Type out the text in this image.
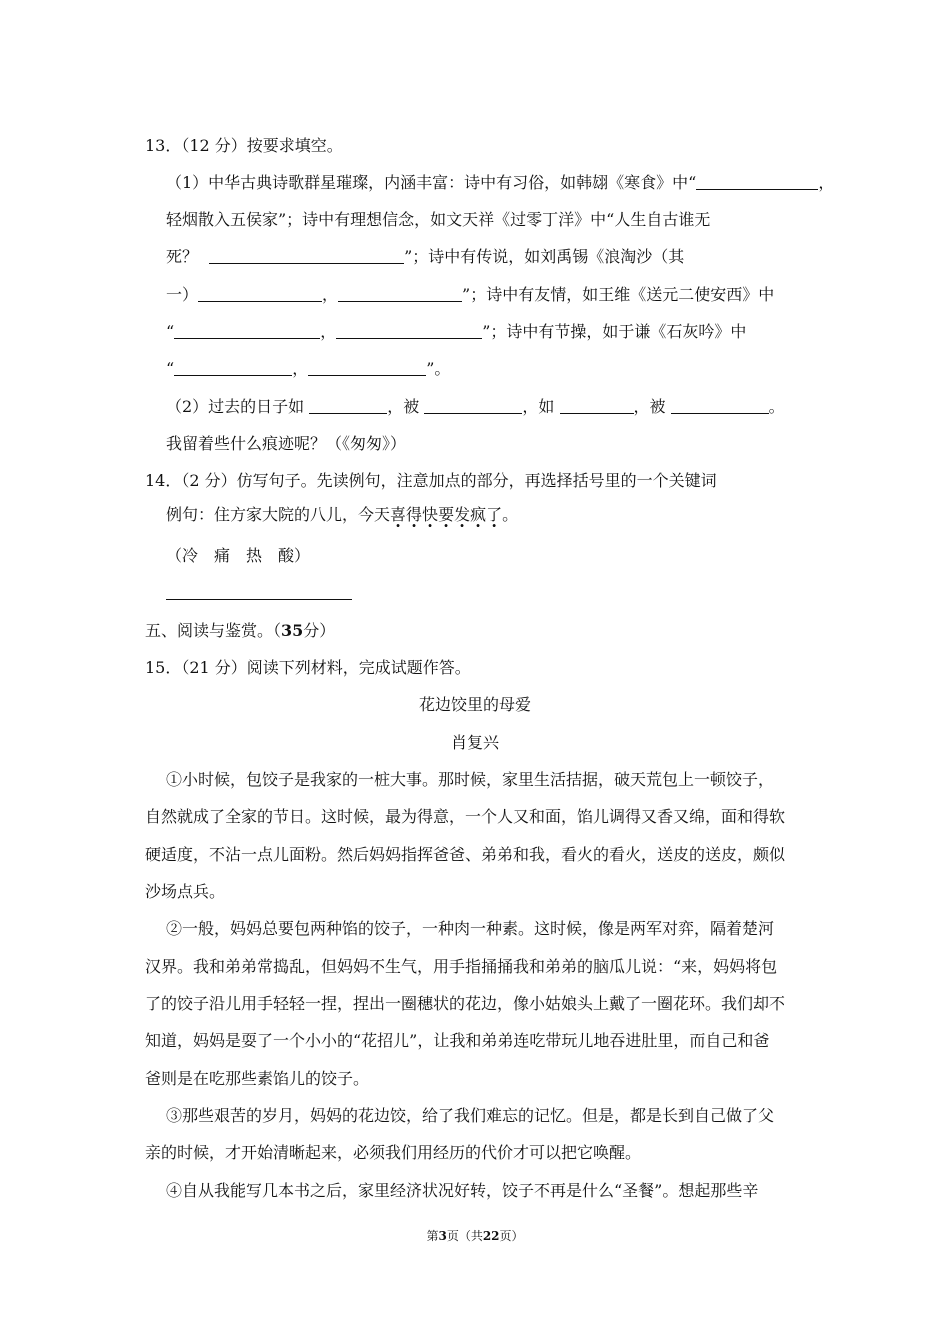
13．（12 分）按要求填空。
（1）中华古典诗歌群星璀璨，内涵丰富：诗中有习俗，如韩翃《寒食》中“	，
轻烟散入五侯家”；诗中有理想信念，如文天祥《过零丁洋》中“人生自古谁无
死？	”；诗中有传说，如刘禹锡《浪淘沙（其
一）	，	”；诗中有友情，如王维《送元二使安西》中
“	，	”；诗中有节操，如于谦《石灰吟》中
“	，	”。
（2）过去的日子如	，被	，如	，被	。
我留着些什么痕迹呢？（《匆匆》）
14．（2 分）仿写句子。先读例句，注意加点的部分，再选择括号里的一个关键词
例句：住方家大院的八儿，今天喜得快要发疯了。
（冷　痛　热　酸）
五、阅读与鉴赏。（35分）
15．（21 分）阅读下列材料，完成试题作答。
花边饺里的母爱
肖复兴
①小时候，包饺子是我家的一桩大事。那时候，家里生活拮据，破天荒包上一顿饺子，
自然就成了全家的节日。这时候，最为得意，一个人又和面，馅儿调得又香又绵，面和得软
硬适度，不沾一点儿面粉。然后妈妈指挥爸爸、弟弟和我，看火的看火，送皮的送皮，颇似
沙场点兵。
②一般，妈妈总要包两种馅的饺子，一种肉一种素。这时候，像是两军对弈，隔着楚河
汉界。我和弟弟常捣乱，但妈妈不生气，用手指捅捅我和弟弟的脑瓜儿说：“来，妈妈将包
了的饺子沿儿用手轻轻一捏，捏出一圈穗状的花边，像小姑娘头上戴了一圈花环。我们却不
知道，妈妈是耍了一个小小的“花招儿”，让我和弟弟连吃带玩儿地吞进肚里，而自己和爸
爸则是在吃那些素馅儿的饺子。
③那些艰苦的岁月，妈妈的花边饺，给了我们难忘的记忆。但是，都是长到自己做了父
亲的时候，才开始清晰起来，必须我们用经历的代价才可以把它唤醒。
④自从我能写几本书之后，家里经济状况好转，饺子不再是什么“圣餐”。想起那些辛
第3页（共22页）
